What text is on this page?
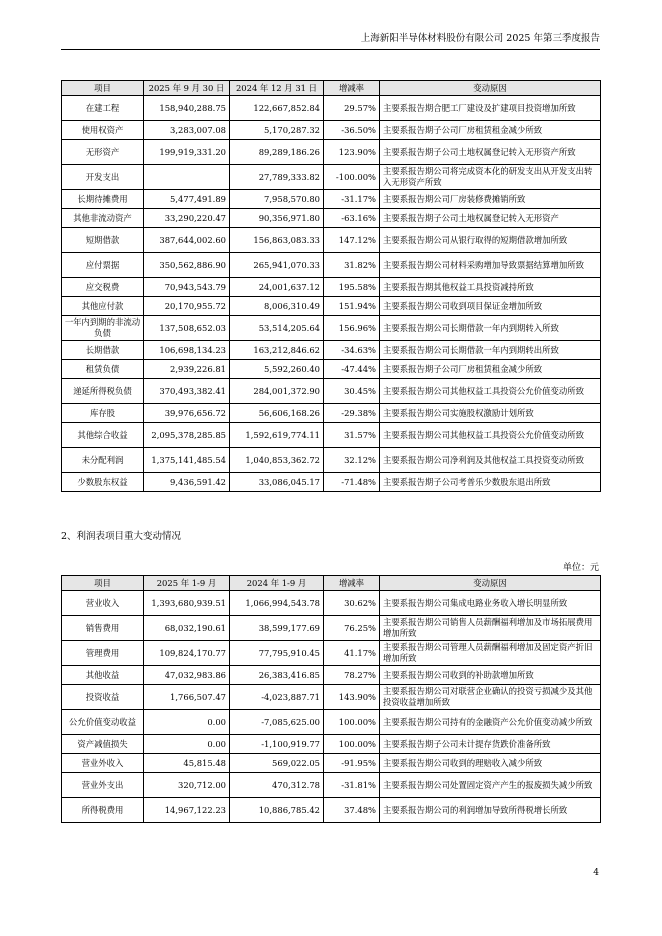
上海新阳半导体材料股份有限公司 2025 年第三季度报告
项目	2025 年 9 月 30 日	2024 年 12 月 31 日	增减率	变动原因
在建工程	158,940,288.75	122,667,852.84	29.57%	主要系报告期合肥工厂建设及扩建项目投资增加所致
使用权资产	3,283,007.08	5,170,287.32	-36.50%	主要系报告期子公司厂房租赁租金减少所致
无形资产	199,919,331.20	89,289,186.26	123.90%	主要系报告期子公司土地权属登记转入无形资产所致
开发支出		27,789,333.82	-100.00%	主要系报告期公司将完成资本化的研发支出从开发支出转入无形资产所致
长期待摊费用	5,477,491.89	7,958,570.80	-31.17%	主要系报告期公司厂房装修费摊销所致
其他非流动资产	33,290,220.47	90,356,971.80	-63.16%	主要系报告期子公司土地权属登记转入无形资产
短期借款	387,644,002.60	156,863,083.33	147.12%	主要系报告期公司从银行取得的短期借款增加所致
应付票据	350,562,886.90	265,941,070.33	31.82%	主要系报告期公司材料采购增加导致票据结算增加所致
应交税费	70,943,543.79	24,001,637.12	195.58%	主要系报告期其他权益工具投资减持所致
其他应付款	20,170,955.72	8,006,310.49	151.94%	主要系报告期公司收到项目保证金增加所致
一年内到期的非流动负债	137,508,652.03	53,514,205.64	156.96%	主要系报告期公司长期借款一年内到期转入所致
长期借款	106,698,134.23	163,212,846.62	-34.63%	主要系报告期公司长期借款一年内到期转出所致
租赁负债	2,939,226.81	5,592,260.40	-47.44%	主要系报告期子公司厂房租赁租金减少所致
递延所得税负债	370,493,382.41	284,001,372.90	30.45%	主要系报告期公司其他权益工具投资公允价值变动所致
库存股	39,976,656.72	56,606,168.26	-29.38%	主要系报告期公司实施股权激励计划所致
其他综合收益	2,095,378,285.85	1,592,619,774.11	31.57%	主要系报告期公司其他权益工具投资公允价值变动所致
未分配利润	1,375,141,485.54	1,040,853,362.72	32.12%	主要系报告期公司净利润及其他权益工具投资变动所致
少数股东权益	9,436,591.42	33,086,045.17	-71.48%	主要系报告期子公司考普乐少数股东退出所致
2、利润表项目重大变动情况
单位：元
项目	2025 年 1-9 月	2024 年 1-9 月	增减率	变动原因
营业收入	1,393,680,939.51	1,066,994,543.78	30.62%	主要系报告期公司集成电路业务收入增长明显所致
销售费用	68,032,190.61	38,599,177.69	76.25%	主要系报告期公司销售人员薪酬福利增加及市场拓展费用增加所致
管理费用	109,824,170.77	77,795,910.45	41.17%	主要系报告期公司管理人员薪酬福利增加及固定资产折旧增加所致
其他收益	47,032,983.86	26,383,416.85	78.27%	主要系报告期公司收到的补助款增加所致
投资收益	1,766,507.47	-4,023,887.71	143.90%	主要系报告期公司对联营企业确认的投资亏损减少及其他投资收益增加所致
公允价值变动收益	0.00	-7,085,625.00	100.00%	主要系报告期公司持有的金融资产公允价值变动减少所致
资产减值损失	0.00	-1,100,919.77	100.00%	主要系报告期子公司未计提存货跌价准备所致
营业外收入	45,815.48	569,022.05	-91.95%	主要系报告期公司收到的理赔收入减少所致
营业外支出	320,712.00	470,312.78	-31.81%	主要系报告期公司处置固定资产产生的报废损失减少所致
所得税费用	14,967,122.23	10,886,785.42	37.48%	主要系报告期公司的利润增加导致所得税增长所致
4
